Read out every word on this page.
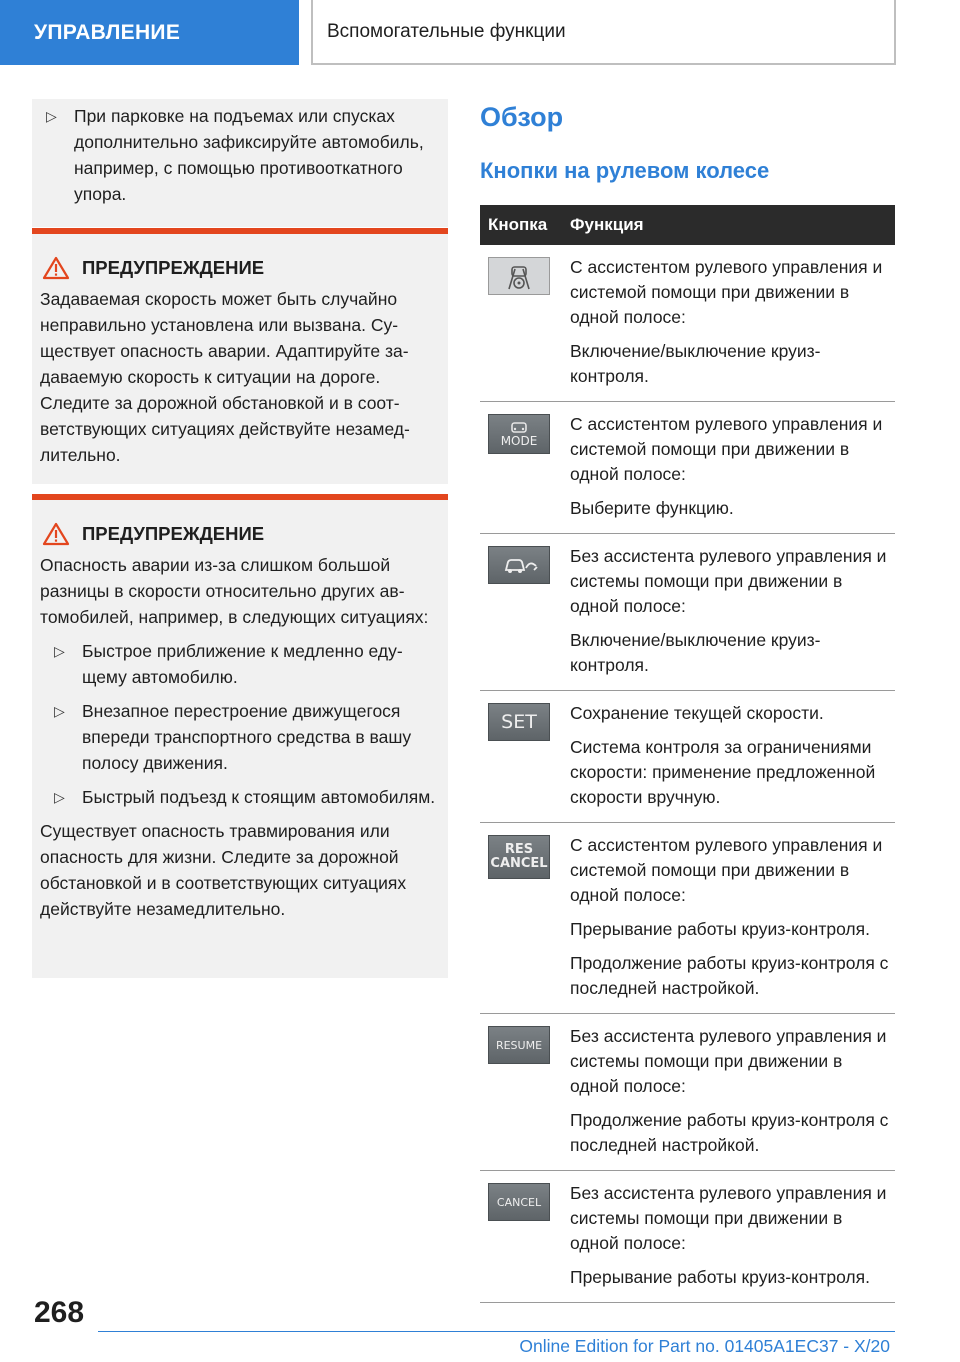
УПРАВЛЕНИЕ	Вспомогательные функции
▷ При парковке на подъемах или спусках дополнительно зафиксируйте автомобиль, например, с помощью противооткатного упора.
ПРЕДУПРЕЖДЕНИЕ
Задаваемая скорость может быть случайно неправильно установлена или вызвана. Существует опасность аварии. Адаптируйте задаваемую скорость к ситуации на дороге. Следите за дорожной обстановкой и в соответствующих ситуациях действуйте незамедлительно.
ПРЕДУПРЕЖДЕНИЕ
Опасность аварии из-за слишком большой разницы в скорости относительно других автомобилей, например, в следующих ситуациях:
▷ Быстрое приближение к медленно едущему автомобилю.
▷ Внезапное перестроение движущегося впереди транспортного средства в вашу полосу движения.
▷ Быстрый подъезд к стоящим автомобилям.
Существует опасность травмирования или опасность для жизни. Следите за дорожной обстановкой и в соответствующих ситуациях действуйте незамедлительно.
Обзор
Кнопки на рулевом колесе
Кнопка	Функция
С ассистентом рулевого управления и системой помощи при движении в одной полосе:
Включение/выключение круиз-контроля.
MODE
С ассистентом рулевого управления и системой помощи при движении в одной полосе:
Выберите функцию.
Без ассистента рулевого управления и системы помощи при движении в одной полосе:
Включение/выключение круиз-контроля.
SET Сохранение текущей скорости.
Система контроля за ограничениями скорости: применение предложенной скорости вручную.
RES CANCEL
С ассистентом рулевого управления и системой помощи при движении в одной полосе:
Прерывание работы круиз-контроля.
Продолжение работы круиз-контроля с последней настройкой.
RESUME Без ассистента рулевого управления и системы помощи при движении в одной полосе:
Продолжение работы круиз-контроля с последней настройкой.
CANCEL Без ассистента рулевого управления и системы помощи при движении в одной полосе:
Прерывание работы круиз-контроля.
268
Online Edition for Part no. 01405A1EC37 - X/20
